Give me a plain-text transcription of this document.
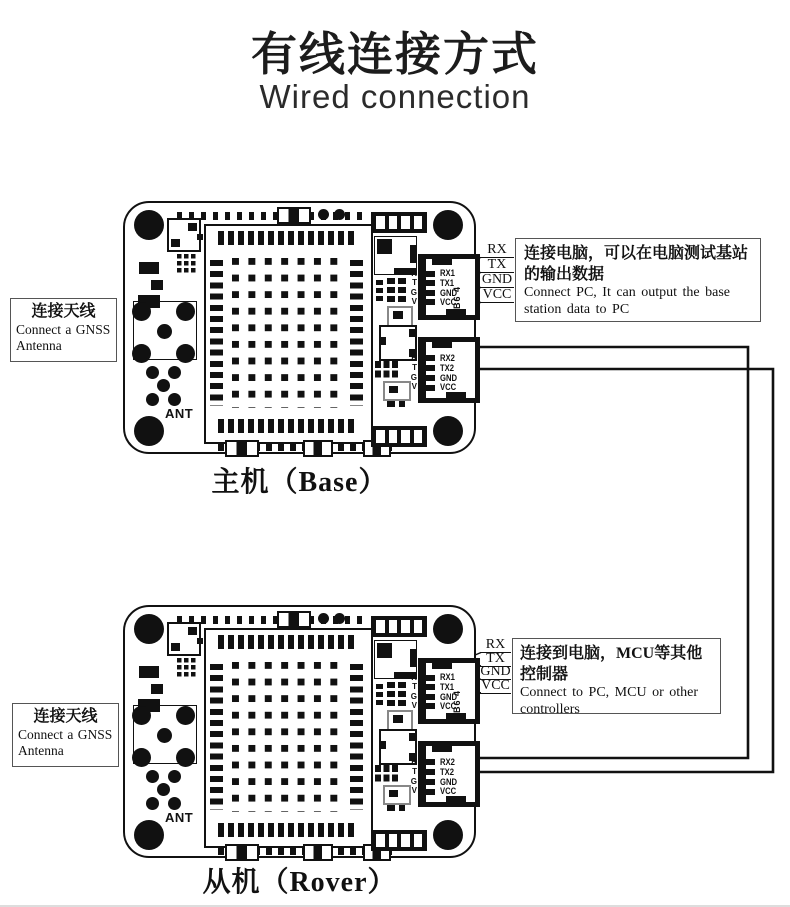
有线连接方式
Wired connection
ANT
R
T
G
V
RX1
TX1
GND
VCC
B6 4
R
T
G
V
RX2
TX2
GND
VCC
连接天线
Connect a GNSS Antenna
RX
TX
GND
VCC
连接电脑，可以在电脑测试基站的输出数据
Connect PC, It can output the base station data to PC
主机（Base）
ANT
R
T
G
V
RX1
TX1
GND
VCC
B6 4
R
T
G
V
RX2
TX2
GND
VCC
连接天线
Connect a GNSS Antenna
RX
TX
GND
VCC
连接到电脑，MCU等其他控制器
Connect to PC, MCU or other controllers
从机（Rover）
